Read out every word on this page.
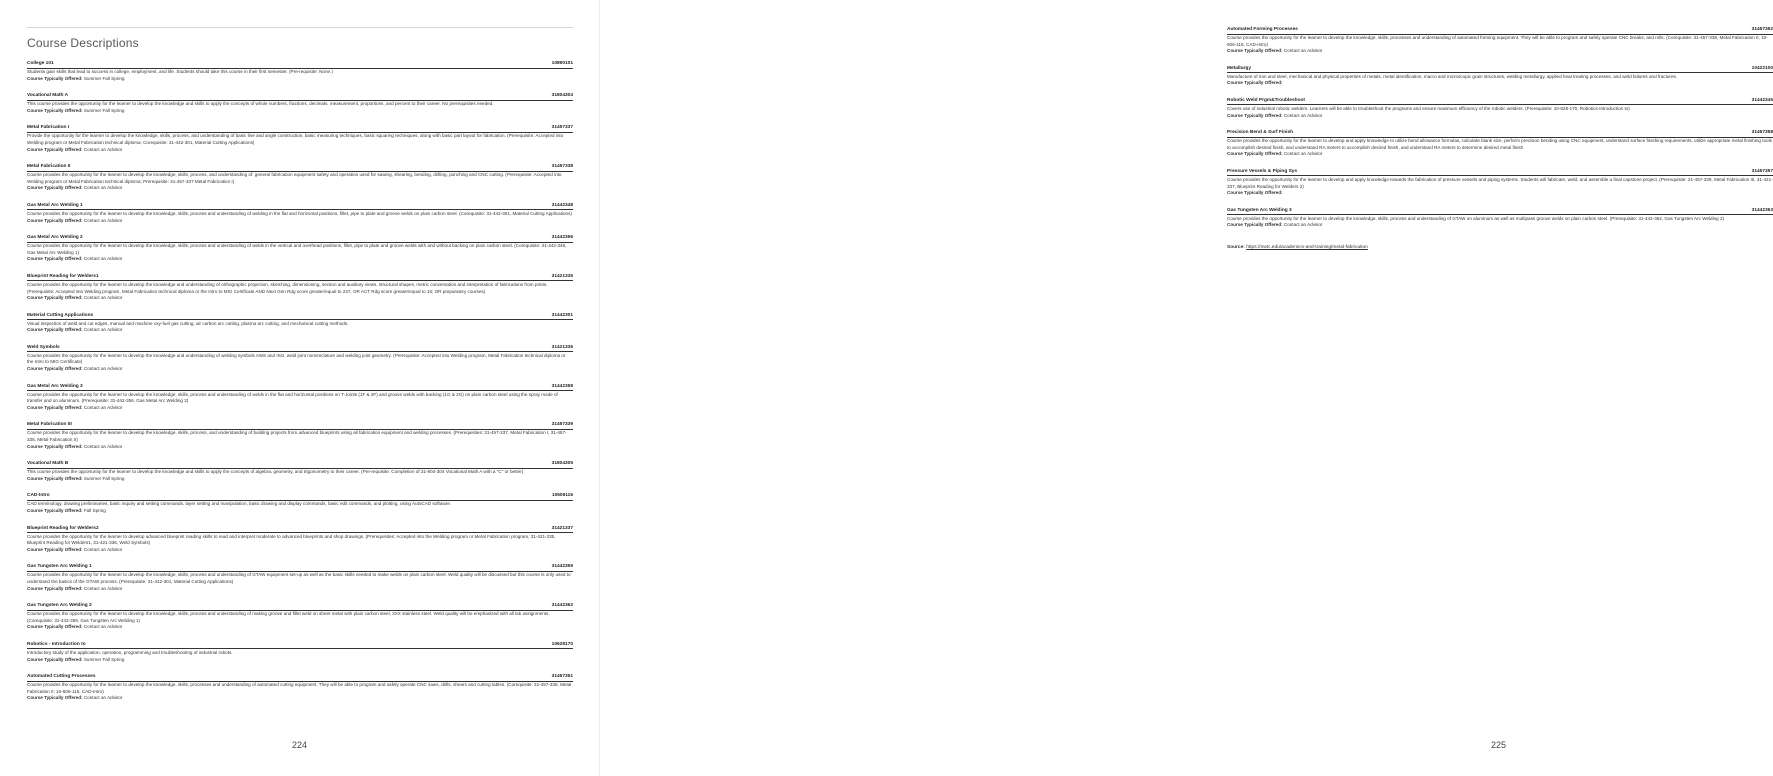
Course Descriptions
College 101	10890101
Students gain skills that lead to success in college, employment, and life. Students should take this course in their first semester. (Pre-requisite: None.)
Course Typically Offered: Summer Fall Spring
Vocational Math A	31804304
This course provides the opportunity for the learner to develop the knowledge and skills to apply the concepts of whole numbers, fractions, decimals, measurement, proportions, and percent to their career. No prerequisites needed.
Course Typically Offered: Summer Fall Spring
Metal Fabrication I	31457337
Provide the opportunity for the learner to develop the knowledge, skills, process, and understanding of basic line and angle construction, basic measuring techniques, basic squaring techniques, along with basic part layout for fabrication. (Prerequisite: Accepted into Welding program or Metal Fabrication technical diploma; Corequisite: 31-442-301, Material Cutting Applications)
Course Typically Offered: Contact an Advisor
Metal Fabrication II	31457338
Course provides the opportunity for the learner to develop the knowledge, skills, process, and understanding of: general fabrication equipment safety and operation used for sawing, shearing, bending, drilling, punching and CNC cutting. (Prerequisite: Accepted into Welding program or Metal Fabrication technical diploma; Prerequisite: 31-457-337 Metal Fabrication I)
Course Typically Offered: Contact an Advisor
Gas Metal Arc Welding 1	31442348
Course provides the opportunity for the learner to develop the knowledge, skills, process and understanding of welding in the flat and horizontal positions, fillet, pipe to plate and groove welds on plain carbon steel. (Corequisite: 31-442-301, Material Cutting Applications)
Course Typically Offered: Contact an Advisor
Gas Metal Arc Welding 2	31442356
Course provides the opportunity for the learner to develop the knowledge, skills, process and understanding of welds in the vertical and overhead positions, fillet, pipe to plate and groove welds with and without backing on plain carbon steel. (Corequisite: 31-442-348, Gas Metal Arc Welding 1)
Course Typically Offered: Contact an Advisor
Blueprint Reading for Welders1	31421335
Course provides the opportunity for the learner to develop the knowledge and understanding of orthographic projection, sketching, dimensioning, section and auxiliary views, structural shapes, metric conversation and interpretation of fabrications from prints. (Prerequisite: Accepted into Welding program, Metal Fabrication technical diploma or the Intro to MIG Certificate AND Next Gen Rdg score greater/equal to 237, OR ACT Rdg score greater/equal to 15; OR preparatory courses)
Course Typically Offered: Contact an Advisor
Material Cutting Applications	31442301
Visual inspection of weld and cut edges, manual and machine oxy-fuel gas cutting, air carbon arc cutting, plasma arc cutting, and mechanical cutting methods.
Course Typically Offered: Contact an Advisor
Weld Symbols	31421336
Course provides the opportunity for the learner to develop the knowledge and understanding of welding symbols AWS and ISO, weld joint nomenclature and welding joint geometry. (Prerequisite: Accepted into Welding program, Metal Fabrication technical diploma or the Intro to MIG Certificate)
Course Typically Offered: Contact an Advisor
Gas Metal Arc Welding 3	31442358
Course provides the opportunity for the learner to develop the knowledge, skills, process and understanding of welds in the flat and horizontal positions on T-Joints (1F & 2F) and groove welds with backing (1G & 2G) on plain carbon steel using the spray mode of transfer and on aluminum. (Prerequisite: 31-442-356, Gas Metal Arc Welding 2)
Course Typically Offered: Contact an Advisor
Metal Fabrication III	31457339
Course provides the opportunity for the learner to develop the knowledge, skills, process, and understanding of building projects from advanced blueprints using all fabrication equipment and welding processes. (Prerequisites: 31-457-337, Metal Fabrication I, 31-457-338, Metal Fabrication II)
Course Typically Offered: Contact an Advisor
Vocational Math B	31804305
This course provides the opportunity for the learner to develop the knowledge and skills to apply the concepts of algebra, geometry, and trigonometry to their career. (Pre-requisite: Completion of 31-804-304 Vocational Math A with a "C" or better)
Course Typically Offered: Summer Fall Spring
CAD-Intro	10606116
CAD terminology, drawing preliminaries, basic inquiry and setting commands, layer setting and manipulation, basic drawing and display commands, basic edit commands, and plotting, using AutoCAD software.
Course Typically Offered: Fall Spring
Blueprint Reading for Welders2	31421337
Course provides the opportunity for the learner to develop advanced blueprint reading skills to read and interpret moderate to advanced blueprints and shop drawings. (Prerequisites: Accepted into the Welding program or Metal Fabrication program, 31-421-335, Blueprint Reading for Welders1, 31-421-336, Weld Symbols)
Course Typically Offered: Contact an Advisor
Gas Tungsten Arc Welding 1	31442359
Course provides the opportunity for the learner to develop the knowledge, skills, process and understanding of GTAW equipment set-up as well as the basic skills needed to make welds on plain carbon steel. Weld quality will be discussed but this course is only used to understand the basics of the GTAW process. (Prerequisite: 31-442-301, Material Cutting Applications)
Course Typically Offered: Contact an Advisor
Gas Tungsten Arc Welding 2	31442362
Course provides the opportunity for the learner to develop the knowledge, skills, process and understanding of making groove and fillet weld on sheet metal with plain carbon steel, 3XX stainless steel. Weld quality will be emphasized with all lab assignments. (Corequisite: 31-442-359, Gas Tungsten Arc Welding 1)
Course Typically Offered: Contact an Advisor
Robotics - Introduction to	10628170
Introductory study of the application, operation, programming and troubleshooting of industrial robots.
Course Typically Offered: Summer Fall Spring
Automated Cutting Processes	31457351
Course provides the opportunity for the learner to develop the knowledge, skills, processes and understanding of automated cutting equipment. They will be able to program and safely operate CNC saws, drills, shears and cutting tables. (Corequisite: 31-457-338, Metal Fabrication II; 10-606-116, CAD-Intro)
Course Typically Offered: Contact an Advisor
224
Automated Forming Processes	31457352
Course provides the opportunity for the learner to develop the knowledge, skills, processes and understanding of automated forming equipment. They will be able to program and safely operate CNC breaks, and rolls. (Corequisite: 31-457-338, Metal Fabrication II; 10-606-116, CAD-Intro)
Course Typically Offered: Contact an Advisor
Metallurgy	10422100
Manufacture of iron and steel, mechanical and physical properties of metals, metal identification, macro and microscopic grain structures, welding metallurgy, applied heat treating processes, and weld failures and fractures.
Course Typically Offered:
Robotic Weld Prgm&Troubleshoot	31442345
Covers use of industrial robotic welders. Learners will be able to troubleshoot the programs and ensure maximum efficiency of the robotic welders. (Prerequisite: 10-628-170, Robotics-Introduction to)
Course Typically Offered: Contact an Advisor
Precision Bend & Surf Finish	31457358
Course provides the opportunity for the learner to develop and apply knowledge to utilize bend allowance formulas, calculate blank size, perform precision bending using CNC equipment, understand surface finishing requirements, utilize appropriate metal finishing tools to accomplish desired finish, and understand RA meters to accomplish desired finish, and understand RA meters to determine desired metal finish
Course Typically Offered: Contact an Advisor
Pressure Vessels & Piping Sys	31457357
Course provides the opportunity for the learner to develop and apply knowledge towards the fabrication of pressure vessels and piping systems. Students will fabricate, weld, and assemble a final capstone project. (Prerequisite: 31-457-339, Metal Fabrication III, 31-421-337, Blueprint Reading for Welders 2)
Course Typically Offered:
Gas Tungsten Arc Welding 3	31442363
Course provides the opportunity for the learner to develop the knowledge, skills, process and understanding of GTAW on aluminum as well as multipass groove welds on plain carbon steel. (Prerequisite: 31-442-362, Gas Tungsten Arc Welding 2)
Course Typically Offered: Contact an Advisor
Source: https://nwtc.edu/academics-and-training/metal-fabrication
225
